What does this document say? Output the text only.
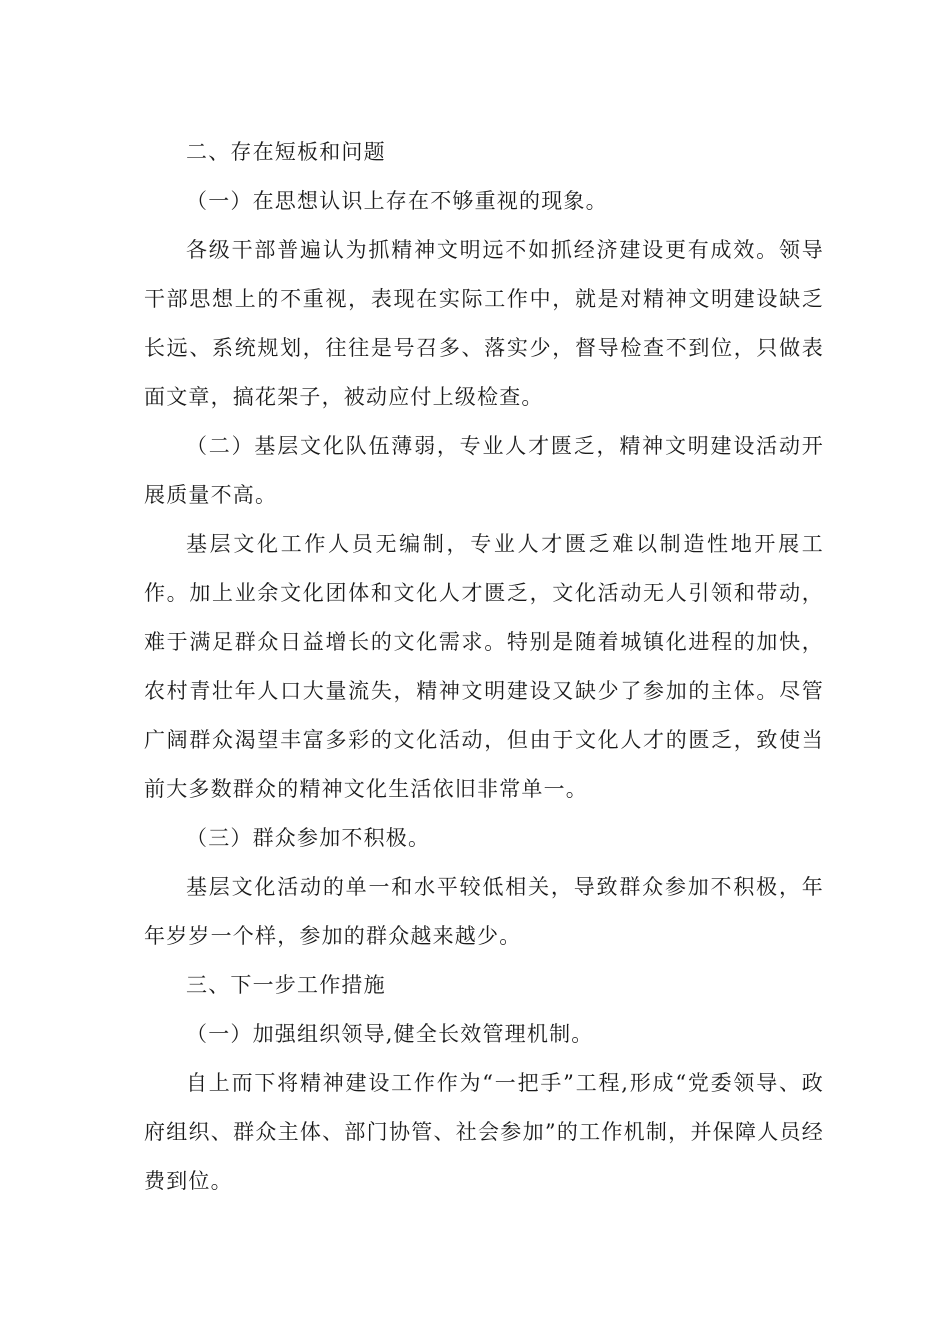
二、存在短板和问题

（一）在思想认识上存在不够重视的现象。

各级干部普遍认为抓精神文明远不如抓经济建设更有成效。领导干部思想上的不重视，表现在实际工作中，就是对精神文明建设缺乏长远、系统规划，往往是号召多、落实少，督导检查不到位，只做表面文章，搞花架子，被动应付上级检查。

（二）基层文化队伍薄弱，专业人才匮乏，精神文明建设活动开展质量不高。

基层文化工作人员无编制，专业人才匮乏难以制造性地开展工作。加上业余文化团体和文化人才匮乏，文化活动无人引领和带动，难于满足群众日益增长的文化需求。特别是随着城镇化进程的加快，农村青壮年人口大量流失，精神文明建设又缺少了参加的主体。尽管广阔群众渴望丰富多彩的文化活动，但由于文化人才的匮乏，致使当前大多数群众的精神文化生活依旧非常单一。

（三）群众参加不积极。

基层文化活动的单一和水平较低相关，导致群众参加不积极，年年岁岁一个样，参加的群众越来越少。

三、下一步工作措施

（一）加强组织领导,健全长效管理机制。

自上而下将精神建设工作作为“一把手”工程,形成“党委领导、政府组织、群众主体、部门协管、社会参加”的工作机制，并保障人员经费到位。
